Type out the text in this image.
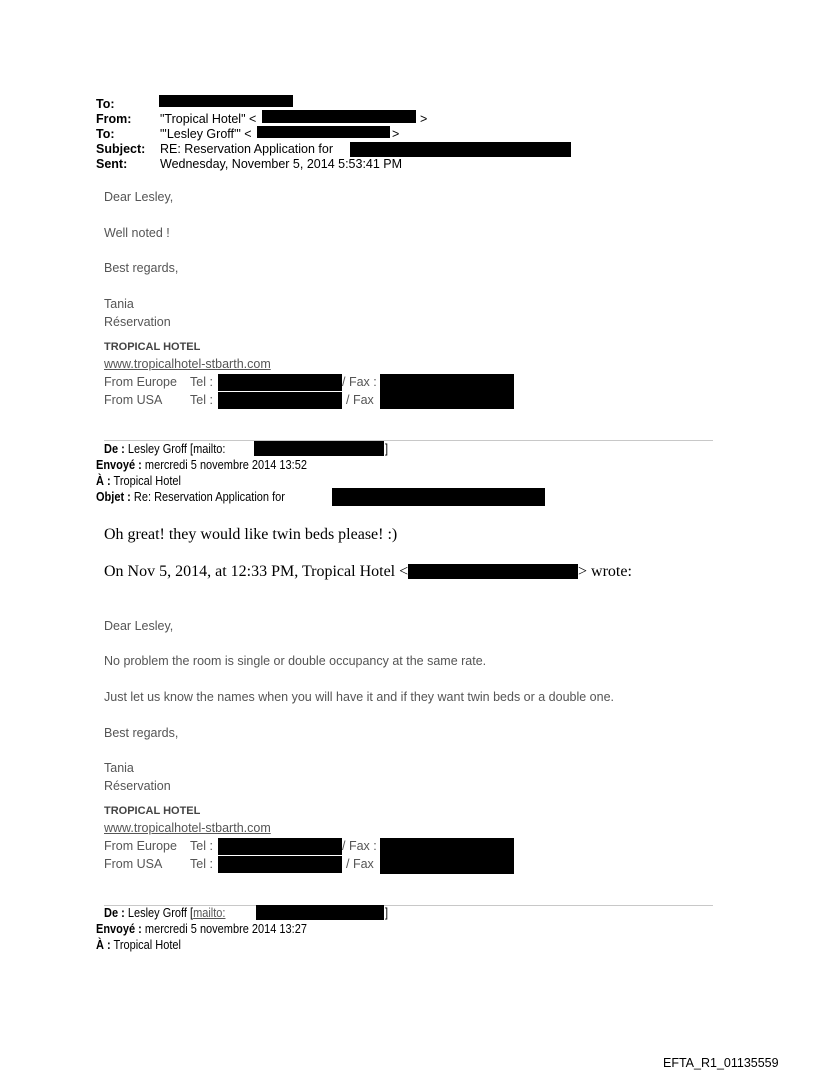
To:
From: "Tropical Hotel" <	>
To:	"'Lesley Groff'" <	>
Subject: RE: Reservation Application for
Sent:	Wednesday, November 5, 2014 5:53:41 PM
Dear Lesley,
Well noted !
Best regards,
Tania
Réservation
TROPICAL HOTEL
www.tropicalhotel-stbarth.com
From Europe Tel :	/ Fax :
From USA Tel :	/ Fax
De : Lesley Groff [mailto:	]
Envoyé : mercredi 5 novembre 2014 13:52
À : Tropical Hotel
Objet : Re: Reservation Application for
Oh great! they would like twin beds please! :)
On Nov 5, 2014, at 12:33 PM, Tropical Hotel <	> wrote:
Dear Lesley,
No problem the room is single or double occupancy at the same rate.
Just let us know the names when you will have it and if they want twin beds or a double one.
Best regards,
Tania
Réservation
TROPICAL HOTEL
www.tropicalhotel-stbarth.com
From Europe Tel :	/ Fax :
From USA Tel :	/ Fax
De : Lesley Groff [mailto:	]
Envoyé : mercredi 5 novembre 2014 13:27
À : Tropical Hotel
EFTA_R1_01135559
